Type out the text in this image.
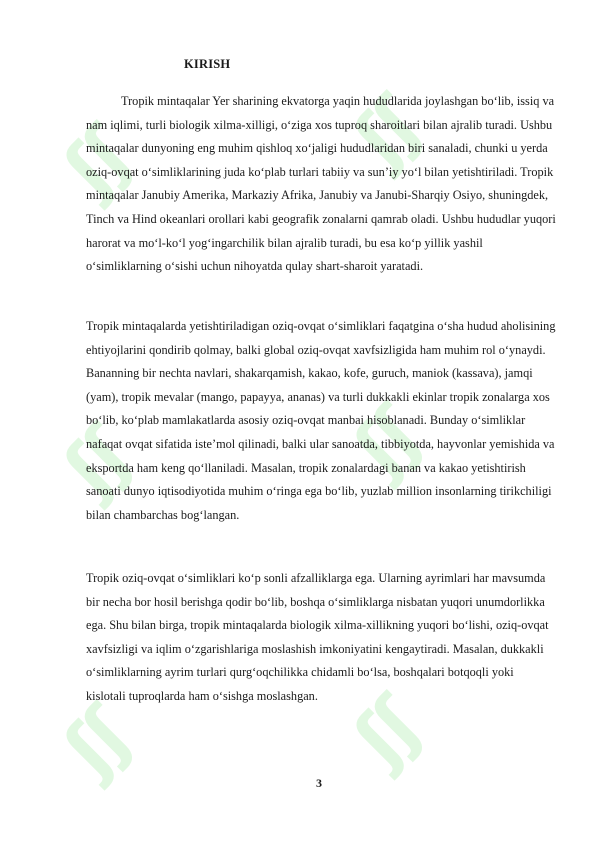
ʃʃ	ʃʃ
ʃʃ	ʃʃ
ʃʃ	ʃʃ
KIRISH

Tropik mintaqalar Yer sharining ekvatorga yaqin hududlarida joylashgan bo‘lib, issiq va nam iqlimi, turli biologik xilma-xilligi, o‘ziga xos tuproq sharoitlari bilan ajralib turadi. Ushbu mintaqalar dunyoning eng muhim qishloq xo‘jaligi hududlaridan biri sanaladi, chunki u yerda oziq-ovqat o‘simliklarining juda ko‘plab turlari tabiiy va sun’iy yo‘l bilan yetishtiriladi. Tropik mintaqalar Janubiy Amerika, Markaziy Afrika, Janubiy va Janubi-Sharqiy Osiyo, shuningdek, Tinch va Hind okeanlari orollari kabi geografik zonalarni qamrab oladi. Ushbu hududlar yuqori harorat va mo‘l-ko‘l yog‘ingarchilik bilan ajralib turadi, bu esa ko‘p yillik yashil o‘simliklarning o‘sishi uchun nihoyatda qulay shart-sharoit yaratadi.

Tropik mintaqalarda yetishtiriladigan oziq-ovqat o‘simliklari faqatgina o‘sha hudud aholisining ehtiyojlarini qondirib qolmay, balki global oziq-ovqat xavfsizligida ham muhim rol o‘ynaydi. Bananning bir nechta navlari, shakarqamish, kakao, kofe, guruch, maniok (kassava), jamqi (yam), tropik mevalar (mango, papayya, ananas) va turli dukkakli ekinlar tropik zonalarga xos bo‘lib, ko‘plab mamlakatlarda asosiy oziq-ovqat manbai hisoblanadi. Bunday o‘simliklar nafaqat ovqat sifatida iste’mol qilinadi, balki ular sanoatda, tibbiyotda, hayvonlar yemishida va eksportda ham keng qo‘llaniladi. Masalan, tropik zonalardagi banan va kakao yetishtirish sanoati dunyo iqtisodiyotida muhim o‘ringa ega bo‘lib, yuzlab million insonlarning tirikchiligi bilan chambarchas bog‘langan.

Tropik oziq-ovqat o‘simliklari ko‘p sonli afzalliklarga ega. Ularning ayrimlari har mavsumda bir necha bor hosil berishga qodir bo‘lib, boshqa o‘simliklarga nisbatan yuqori unumdorlikka ega. Shu bilan birga, tropik mintaqalarda biologik xilma-xillikning yuqori bo‘lishi, oziq-ovqat xavfsizligi va iqlim o‘zgarishlariga moslashish imkoniyatini kengaytiradi. Masalan, dukkakli o‘simliklarning ayrim turlari qurg‘oqchilikka chidamli bo‘lsa, boshqalari botqoqli yoki kislotali tuproqlarda ham o‘sishga moslashgan.

3
